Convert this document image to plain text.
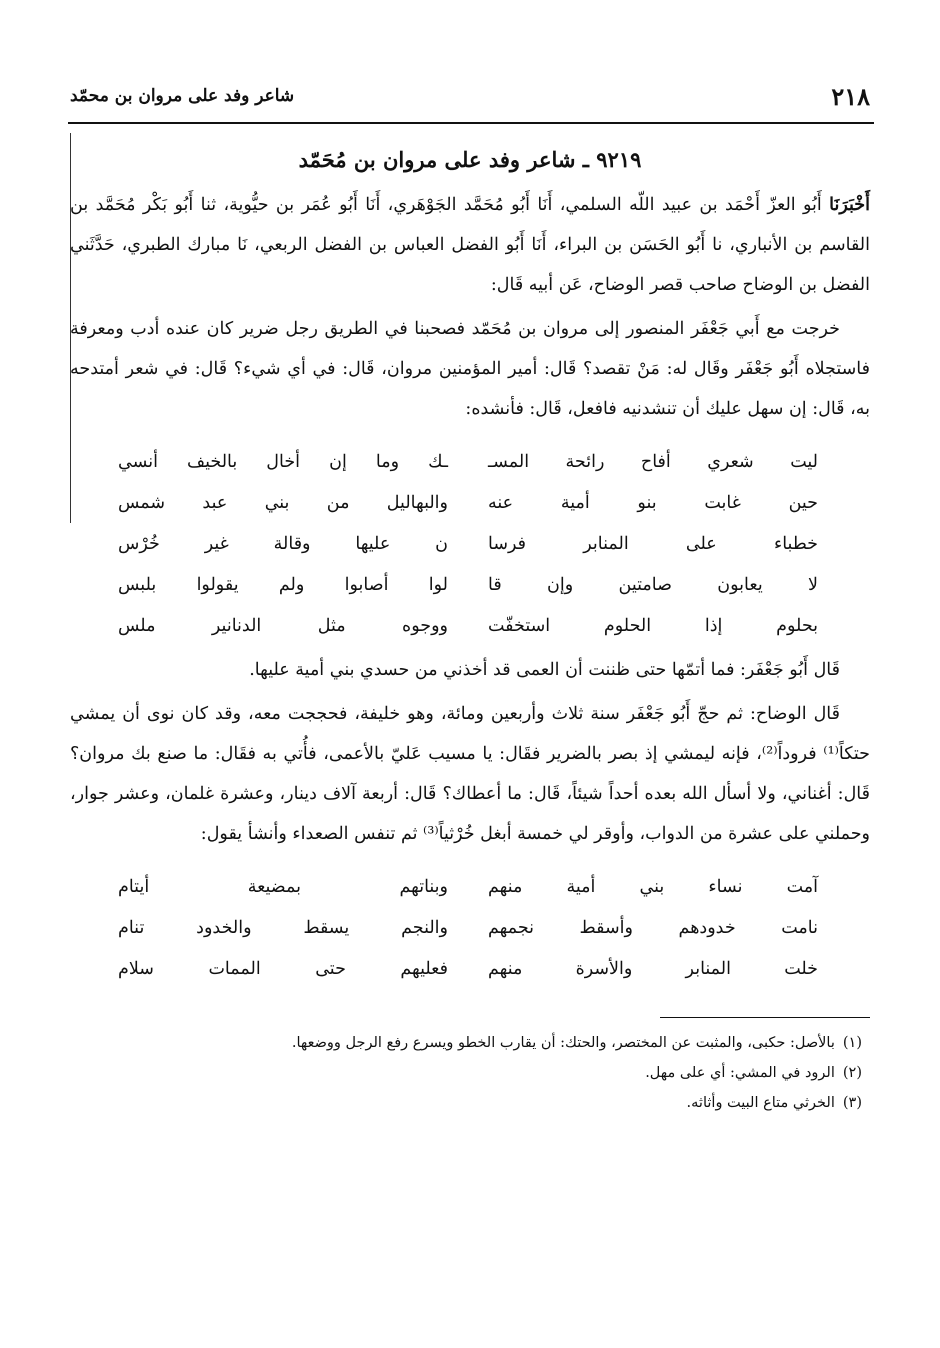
٢١٨
شاعر وفد على مروان بن محمّد
٩٢١٩ ـ شاعر وفد على مروان بن مُحَمّد

أَخْبَرَنَا أَبُو العزّ أَحْمَد بن عبيد اللّه السلمي، أَنَا أَبُو مُحَمَّد الجَوْهَري، أَنَا أَبُو عُمَر بن حيُّوية، ثنا أَبُو بَكْر مُحَمَّد بن القاسم بن الأنباري، نا أَبُو الحَسَن بن البراء، أَنَا أَبُو الفضل العباس بن الفضل الربعي، نَا مبارك الطبري، حَدَّثَني الفضل بن الوضاح صاحب قصر الوضاح، عَن أبيه قَال:

خرجت مع أَبي جَعْفَر المنصور إلى مروان بن مُحَمّد فصحبنا في الطريق رجل ضرير كان عنده أدب ومعرفة فاستجلاه أَبُو جَعْفَر وقَال له: مَنْ تقصد؟ قَال: أمير المؤمنين مروان، قَال: في أي شيء؟ قَال: في شعر أمتدحه به، قَال: إن سهل عليك أن تنشدنيه فافعل، قَال: فأنشده:

ليت شعري أفاح رائحة المسـ
ـك وما إن أخال بالخيف أنسي
حين غابت بنو أمية عنه
والبهاليل من بني عبد شمس
خطباء على المنابر فرسا
ن عليها وقالة غير خُرْس
لا يعابون صامتين وإن قا
لوا أصابوا ولم يقولوا بلبس
بحلوم إذا الحلوم استخفّت
ووجوه مثل الدنانير ملس

قَال أَبُو جَعْفَر: فما أتمّها حتى ظننت أن العمى قد أخذني من حسدي بني أمية عليها.

قَال الوضاح: ثم حجّ أَبُو جَعْفَر سنة ثلاث وأربعين ومائة، وهو خليفة، فحججت معه، وقد كان نوى أن يمشي حتكاً⁽¹⁾ فروداً⁽²⁾، فإنه ليمشي إذ بصر بالضرير فقَال: يا مسيب عَليّ بالأعمى، فأُتي به فقَال: ما صنع بك مروان؟ قَال: أغناني، ولا أسأل الله بعده أحداً شيئاً، قَال: ما أعطاك؟ قَال: أربعة آلاف دينار، وعشرة غلمان، وعشر جوار، وحملني على عشرة من الدواب، وأوقر لي خمسة أبغل خُرْثياً⁽³⁾ ثم تنفس الصعداء وأنشأ يقول:

آمت نساء بني أمية منهم
وبناتهم بمضيعة أيتام
نامت خدودهم وأسقط نجمهم
والنجم يسقط والخدود تنام
خلت المنابر والأسرة منهم
فعليهم حتى الممات سلام

(١)بالأصل: حكبى، والمثبت عن المختصر، والحتك: أن يقارب الخطو ويسرع رفع الرجل ووضعها.

(٢)الرود في المشي: أي على مهل.

(٣)الخرثي متاع البيت وأثاثه.
